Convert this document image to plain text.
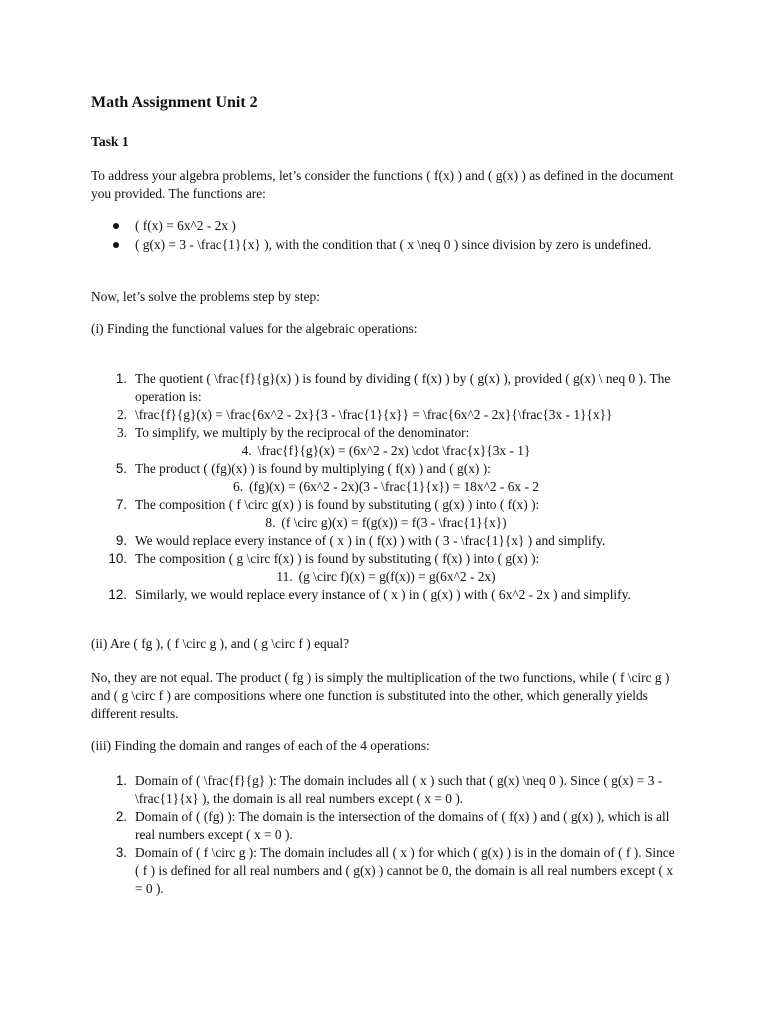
Math Assignment Unit 2
Task 1

To address your algebra problems, let’s consider the functions ( f(x) ) and ( g(x) ) as defined in the document you provided. The functions are:

( f(x) = 6x^2 - 2x )
( g(x) = 3 - \frac{1}{x} ), with the condition that ( x \neq 0 ) since division by zero is undefined.

Now, let’s solve the problems step by step:

(i) Finding the functional values for the algebraic operations:

1. The quotient ( \frac{f}{g}(x) ) is found by dividing ( f(x) ) by ( g(x) ), provided ( g(x) \ neq 0 ). The operation is:
2. \frac{f}{g}(x) = \frac{6x^2 - 2x}{3 - \frac{1}{x}} = \frac{6x^2 - 2x}{\frac{3x - 1}{x}}
3. To simplify, we multiply by the reciprocal of the denominator:
4. \frac{f}{g}(x) = (6x^2 - 2x) \cdot \frac{x}{3x - 1}
5. The product ( (fg)(x) ) is found by multiplying ( f(x) ) and ( g(x) ):
6. (fg)(x) = (6x^2 - 2x)(3 - \frac{1}{x}) = 18x^2 - 6x - 2
7. The composition ( f \circ g(x) ) is found by substituting ( g(x) ) into ( f(x) ):
8. (f \circ g)(x) = f(g(x)) = f(3 - \frac{1}{x})
9. We would replace every instance of ( x ) in ( f(x) ) with ( 3 - \frac{1}{x} ) and simplify.
10. The composition ( g \circ f(x) ) is found by substituting ( f(x) ) into ( g(x) ):
11. (g \circ f)(x) = g(f(x)) = g(6x^2 - 2x)
12. Similarly, we would replace every instance of ( x ) in ( g(x) ) with ( 6x^2 - 2x ) and simplify.

(ii) Are ( fg ), ( f \circ g ), and ( g \circ f ) equal?

No, they are not equal. The product ( fg ) is simply the multiplication of the two functions, while ( f \circ g ) and ( g \circ f ) are compositions where one function is substituted into the other, which generally yields different results.

(iii) Finding the domain and ranges of each of the 4 operations:

1. Domain of ( \frac{f}{g} ): The domain includes all ( x ) such that ( g(x) \neq 0 ). Since ( g(x) = 3 - \frac{1}{x} ), the domain is all real numbers except ( x = 0 ).
2. Domain of ( (fg) ): The domain is the intersection of the domains of ( f(x) ) and ( g(x) ), which is all real numbers except ( x = 0 ).
3. Domain of ( f \circ g ): The domain includes all ( x ) for which ( g(x) ) is in the domain of ( f ). Since ( f ) is defined for all real numbers and ( g(x) ) cannot be 0, the domain is all real numbers except ( x = 0 ).
